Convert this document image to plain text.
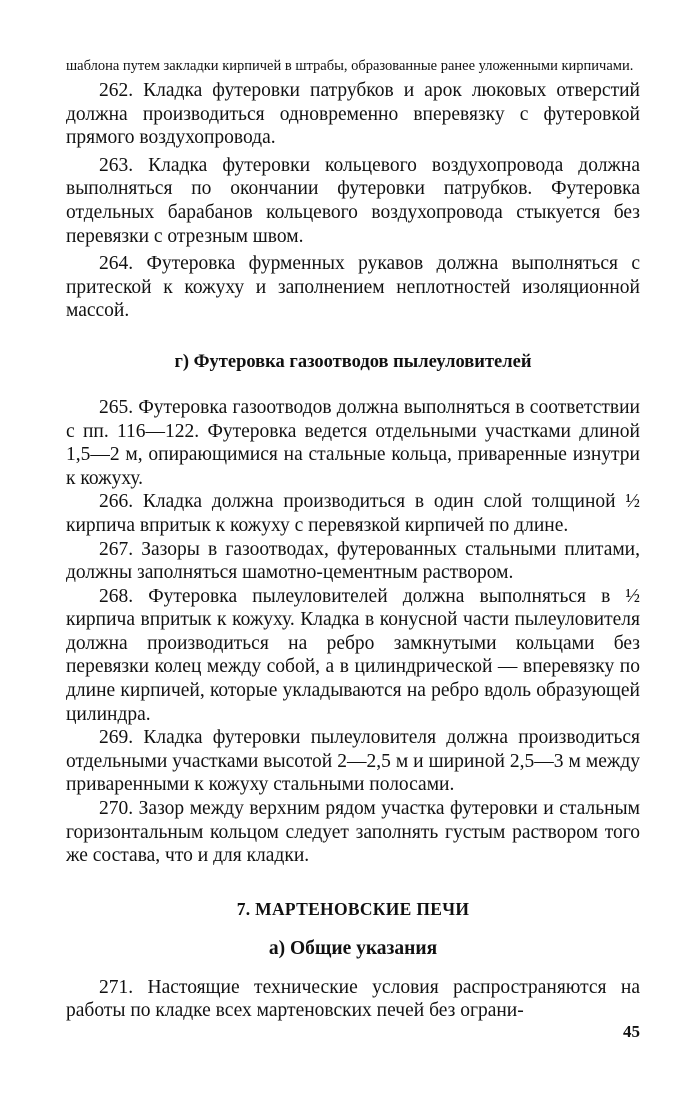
шаблона путем закладки кирпичей в штрабы, образованные ранее уложенными кирпичами.

262. Кладка футеровки патрубков и арок люковых отверстий должна производиться одновременно вперевязку с футеровкой прямого воздухопровода.

263. Кладка футеровки кольцевого воздухопровода должна выполняться по окончании футеровки патрубков. Футеровка отдельных барабанов кольцевого воздухопровода стыкуется без перевязки с отрезным швом.

264. Футеровка фурменных рукавов должна выполняться с притеской к кожуху и заполнением неплотностей изоляционной массой.

г) Футеровка газоотводов пылеуловителей

265. Футеровка газоотводов должна выполняться в соответствии с пп. 116—122. Футеровка ведется отдельными участками длиной 1,5—2 м, опирающимися на стальные кольца, приваренные изнутри к кожуху.

266. Кладка должна производиться в один слой толщиной ½ кирпича впритык к кожуху с перевязкой кирпичей по длине.

267. Зазоры в газоотводах, футерованных стальными плитами, должны заполняться шамотно-цементным раствором.

268. Футеровка пылеуловителей должна выполняться в ½ кирпича впритык к кожуху. Кладка в конусной части пылеуловителя должна производиться на ребро замкнутыми кольцами без перевязки колец между собой, а в цилиндрической — вперевязку по длине кирпичей, которые укладываются на ребро вдоль образующей цилиндра.

269. Кладка футеровки пылеуловителя должна производиться отдельными участками высотой 2—2,5 м и шириной 2,5—3 м между приваренными к кожуху стальными полосами.

270. Зазор между верхним рядом участка футеровки и стальным горизонтальным кольцом следует заполнять густым раствором того же состава, что и для кладки.

7. МАРТЕНОВСКИЕ ПЕЧИ
а) Общие указания

271. Настоящие технические условия распространяются на работы по кладке всех мартеновских печей без ограни-

45
